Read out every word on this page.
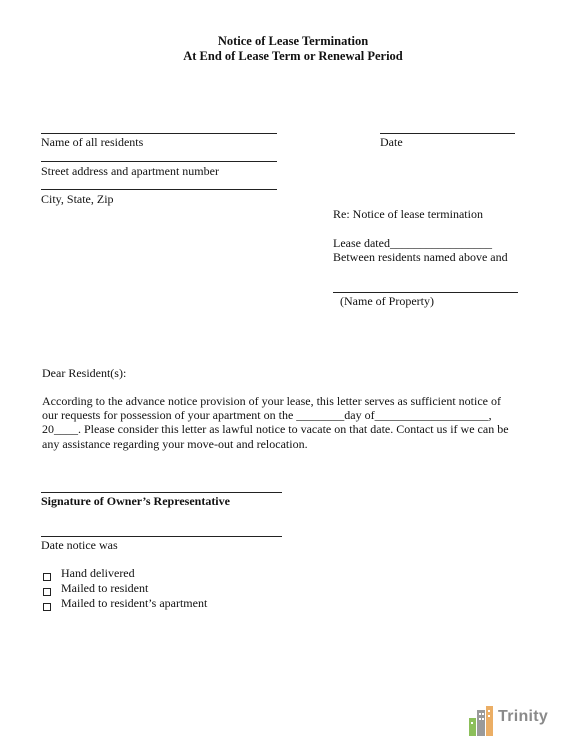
Notice of Lease Termination
At End of Lease Term or Renewal Period
Name of all residents	Date
Street address and apartment number
City, State, Zip
Re: Notice of lease termination
Lease dated_________________
Between residents named above and
(Name of Property)
Dear Resident(s):
According to the advance notice provision of your lease, this letter serves as sufficient notice of
our requests for possession of your apartment on the ________day of___________________,
20____. Please consider this letter as lawful notice to vacate on that date. Contact us if we can be
any assistance regarding your move-out and relocation.
Signature of Owner’s Representative
Date notice was
Hand delivered
Mailed to resident
Mailed to resident’s apartment
Trinity
